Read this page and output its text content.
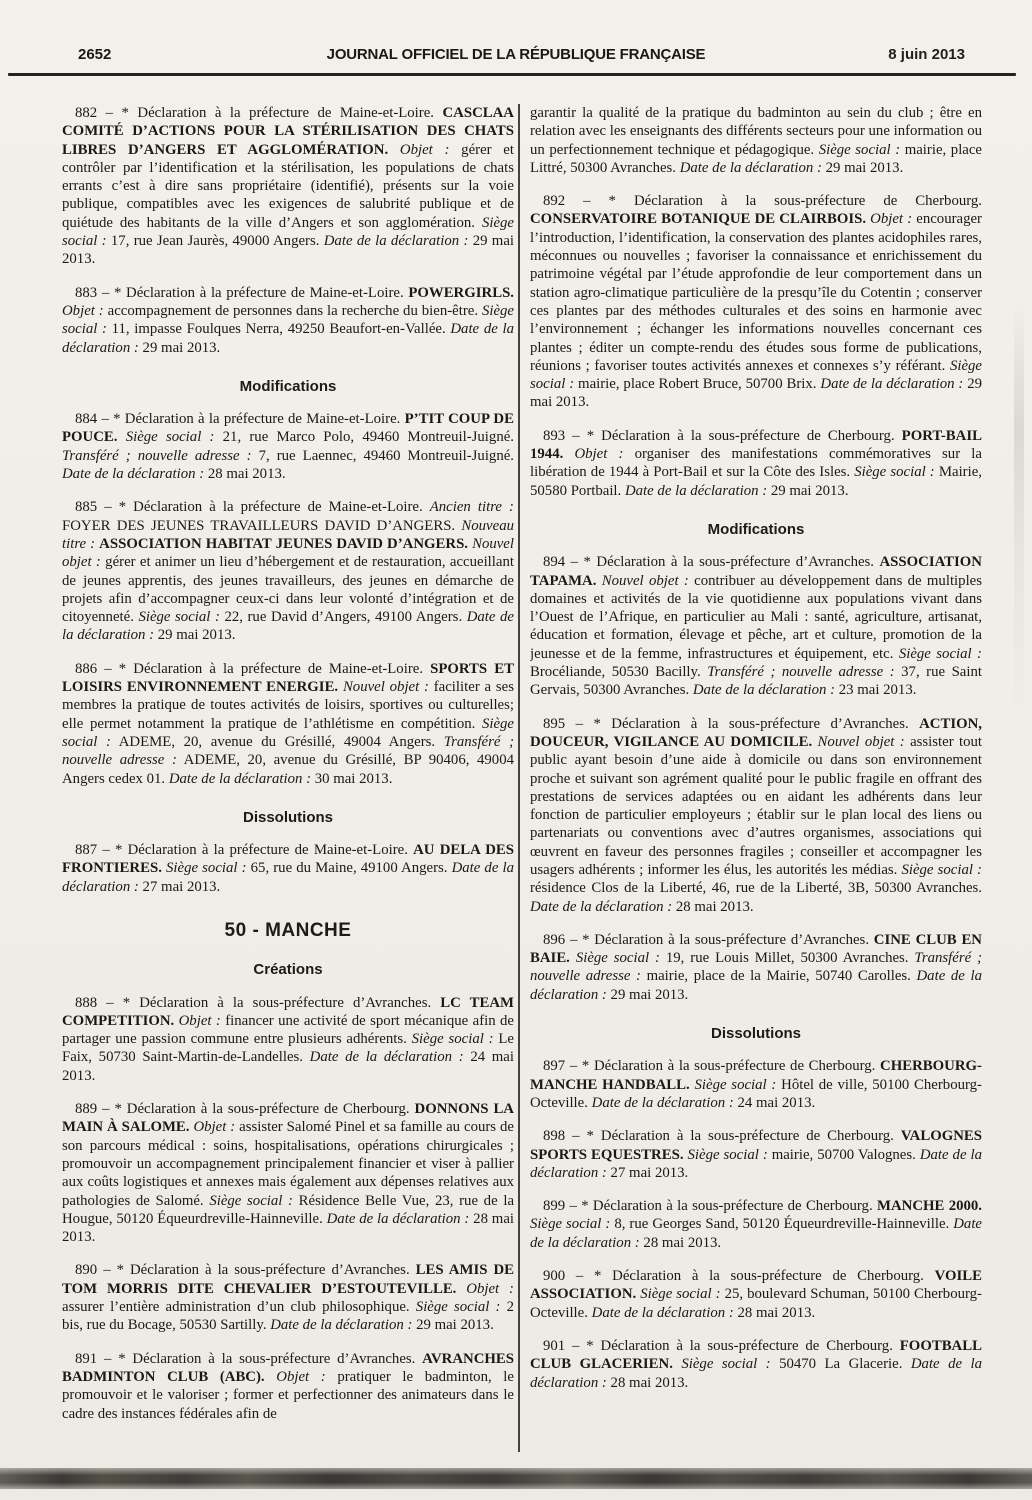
2652	JOURNAL OFFICIEL DE LA RÉPUBLIQUE FRANÇAISE	8 juin 2013

882 – * Déclaration à la préfecture de Maine-et-Loire. CASCLAA COMITÉ D’ACTIONS POUR LA STÉRILISATION DES CHATS LIBRES D’ANGERS ET AGGLOMÉRATION. Objet : gérer et contrôler par l’identification et la stérilisation, les populations de chats errants c’est à dire sans propriétaire (identifié), présents sur la voie publique, compatibles avec les exigences de salubrité publique et de quiétude des habitants de la ville d’Angers et son agglomération. Siège social : 17, rue Jean Jaurès, 49000 Angers. Date de la déclaration : 29 mai 2013.

883 – * Déclaration à la préfecture de Maine-et-Loire. POWERGIRLS. Objet : accompagnement de personnes dans la recherche du bien-être. Siège social : 11, impasse Foulques Nerra, 49250 Beaufort-en-Vallée. Date de la déclaration : 29 mai 2013.

Modifications

884 – * Déclaration à la préfecture de Maine-et-Loire. P’TIT COUP DE POUCE. Siège social : 21, rue Marco Polo, 49460 Montreuil-Juigné. Transféré ; nouvelle adresse : 7, rue Laennec, 49460 Montreuil-Juigné. Date de la déclaration : 28 mai 2013.

885 – * Déclaration à la préfecture de Maine-et-Loire. Ancien titre : FOYER DES JEUNES TRAVAILLEURS DAVID D’ANGERS. Nouveau titre : ASSOCIATION HABITAT JEUNES DAVID D’ANGERS. Nouvel objet : gérer et animer un lieu d’hébergement et de restauration, accueillant de jeunes apprentis, des jeunes travailleurs, des jeunes en démarche de projets afin d’accompagner ceux-ci dans leur volonté d’intégration et de citoyenneté. Siège social : 22, rue David d’Angers, 49100 Angers. Date de la déclaration : 29 mai 2013.

886 – * Déclaration à la préfecture de Maine-et-Loire. SPORTS ET LOISIRS ENVIRONNEMENT ENERGIE. Nouvel objet : faciliter a ses membres la pratique de toutes activités de loisirs, sportives ou culturelles; elle permet notamment la pratique de l’athlétisme en compétition. Siège social : ADEME, 20, avenue du Grésillé, 49004 Angers. Transféré ; nouvelle adresse : ADEME, 20, avenue du Grésillé, BP 90406, 49004 Angers cedex 01. Date de la déclaration : 30 mai 2013.

Dissolutions

887 – * Déclaration à la préfecture de Maine-et-Loire. AU DELA DES FRONTIERES. Siège social : 65, rue du Maine, 49100 Angers. Date de la déclaration : 27 mai 2013.

50 - MANCHE
Créations

888 – * Déclaration à la sous-préfecture d’Avranches. LC TEAM COMPETITION. Objet : financer une activité de sport mécanique afin de partager une passion commune entre plusieurs adhérents. Siège social : Le Faix, 50730 Saint-Martin-de-Landelles. Date de la déclaration : 24 mai 2013.

889 – * Déclaration à la sous-préfecture de Cherbourg. DONNONS LA MAIN À SALOME. Objet : assister Salomé Pinel et sa famille au cours de son parcours médical : soins, hospitalisations, opérations chirurgicales ; promouvoir un accompagnement principalement financier et viser à pallier aux coûts logistiques et annexes mais également aux dépenses relatives aux pathologies de Salomé. Siège social : Résidence Belle Vue, 23, rue de la Hougue, 50120 Équeurdreville-Hainneville. Date de la déclaration : 28 mai 2013.

890 – * Déclaration à la sous-préfecture d’Avranches. LES AMIS DE TOM MORRIS DITE CHEVALIER D’ESTOUTEVILLE. Objet : assurer l’entière administration d’un club philosophique. Siège social : 2 bis, rue du Bocage, 50530 Sartilly. Date de la déclaration : 29 mai 2013.

891 – * Déclaration à la sous-préfecture d’Avranches. AVRANCHES BADMINTON CLUB (ABC). Objet : pratiquer le badminton, le promouvoir et le valoriser ; former et perfectionner des animateurs dans le cadre des instances fédérales afin de

garantir la qualité de la pratique du badminton au sein du club ; être en relation avec les enseignants des différents secteurs pour une information ou un perfectionnement technique et pédagogique. Siège social : mairie, place Littré, 50300 Avranches. Date de la déclaration : 29 mai 2013.

892 – * Déclaration à la sous-préfecture de Cherbourg. CONSERVATOIRE BOTANIQUE DE CLAIRBOIS. Objet : encourager l’introduction, l’identification, la conservation des plantes acidophiles rares, méconnues ou nouvelles ; favoriser la connaissance et enrichissement du patrimoine végétal par l’étude approfondie de leur comportement dans un station agro-climatique particulière de la presqu’île du Cotentin ; conserver ces plantes par des méthodes culturales et des soins en harmonie avec l’environnement ; échanger les informations nouvelles concernant ces plantes ; éditer un compte-rendu des études sous forme de publications, réunions ; favoriser toutes activités annexes et connexes s’y référant. Siège social : mairie, place Robert Bruce, 50700 Brix. Date de la déclaration : 29 mai 2013.

893 – * Déclaration à la sous-préfecture de Cherbourg. PORT-BAIL 1944. Objet : organiser des manifestations commémoratives sur la libération de 1944 à Port-Bail et sur la Côte des Isles. Siège social : Mairie, 50580 Portbail. Date de la déclaration : 29 mai 2013.

Modifications

894 – * Déclaration à la sous-préfecture d’Avranches. ASSOCIATION TAPAMA. Nouvel objet : contribuer au développement dans de multiples domaines et activités de la vie quotidienne aux populations vivant dans l’Ouest de l’Afrique, en particulier au Mali : santé, agriculture, artisanat, éducation et formation, élevage et pêche, art et culture, promotion de la jeunesse et de la femme, infrastructures et équipement, etc. Siège social : Brocéliande, 50530 Bacilly. Transféré ; nouvelle adresse : 37, rue Saint Gervais, 50300 Avranches. Date de la déclaration : 23 mai 2013.

895 – * Déclaration à la sous-préfecture d’Avranches. ACTION, DOUCEUR, VIGILANCE AU DOMICILE. Nouvel objet : assister tout public ayant besoin d’une aide à domicile ou dans son environnement proche et suivant son agrément qualité pour le public fragile en offrant des prestations de services adaptées ou en aidant les adhérents dans leur fonction de particulier employeurs ; établir sur le plan local des liens ou partenariats ou conventions avec d’autres organismes, associations qui œuvrent en faveur des personnes fragiles ; conseiller et accompagner les usagers adhérents ; informer les élus, les autorités les médias. Siège social : résidence Clos de la Liberté, 46, rue de la Liberté, 3B, 50300 Avranches. Date de la déclaration : 28 mai 2013.

896 – * Déclaration à la sous-préfecture d’Avranches. CINE CLUB EN BAIE. Siège social : 19, rue Louis Millet, 50300 Avranches. Transféré ; nouvelle adresse : mairie, place de la Mairie, 50740 Carolles. Date de la déclaration : 29 mai 2013.

Dissolutions

897 – * Déclaration à la sous-préfecture de Cherbourg. CHERBOURG-MANCHE HANDBALL. Siège social : Hôtel de ville, 50100 Cherbourg-Octeville. Date de la déclaration : 24 mai 2013.

898 – * Déclaration à la sous-préfecture de Cherbourg. VALOGNES SPORTS EQUESTRES. Siège social : mairie, 50700 Valognes. Date de la déclaration : 27 mai 2013.

899 – * Déclaration à la sous-préfecture de Cherbourg. MANCHE 2000. Siège social : 8, rue Georges Sand, 50120 Équeurdreville-Hainneville. Date de la déclaration : 28 mai 2013.

900 – * Déclaration à la sous-préfecture de Cherbourg. VOILE ASSOCIATION. Siège social : 25, boulevard Schuman, 50100 Cherbourg-Octeville. Date de la déclaration : 28 mai 2013.

901 – * Déclaration à la sous-préfecture de Cherbourg. FOOTBALL CLUB GLACERIEN. Siège social : 50470 La Glacerie. Date de la déclaration : 28 mai 2013.
